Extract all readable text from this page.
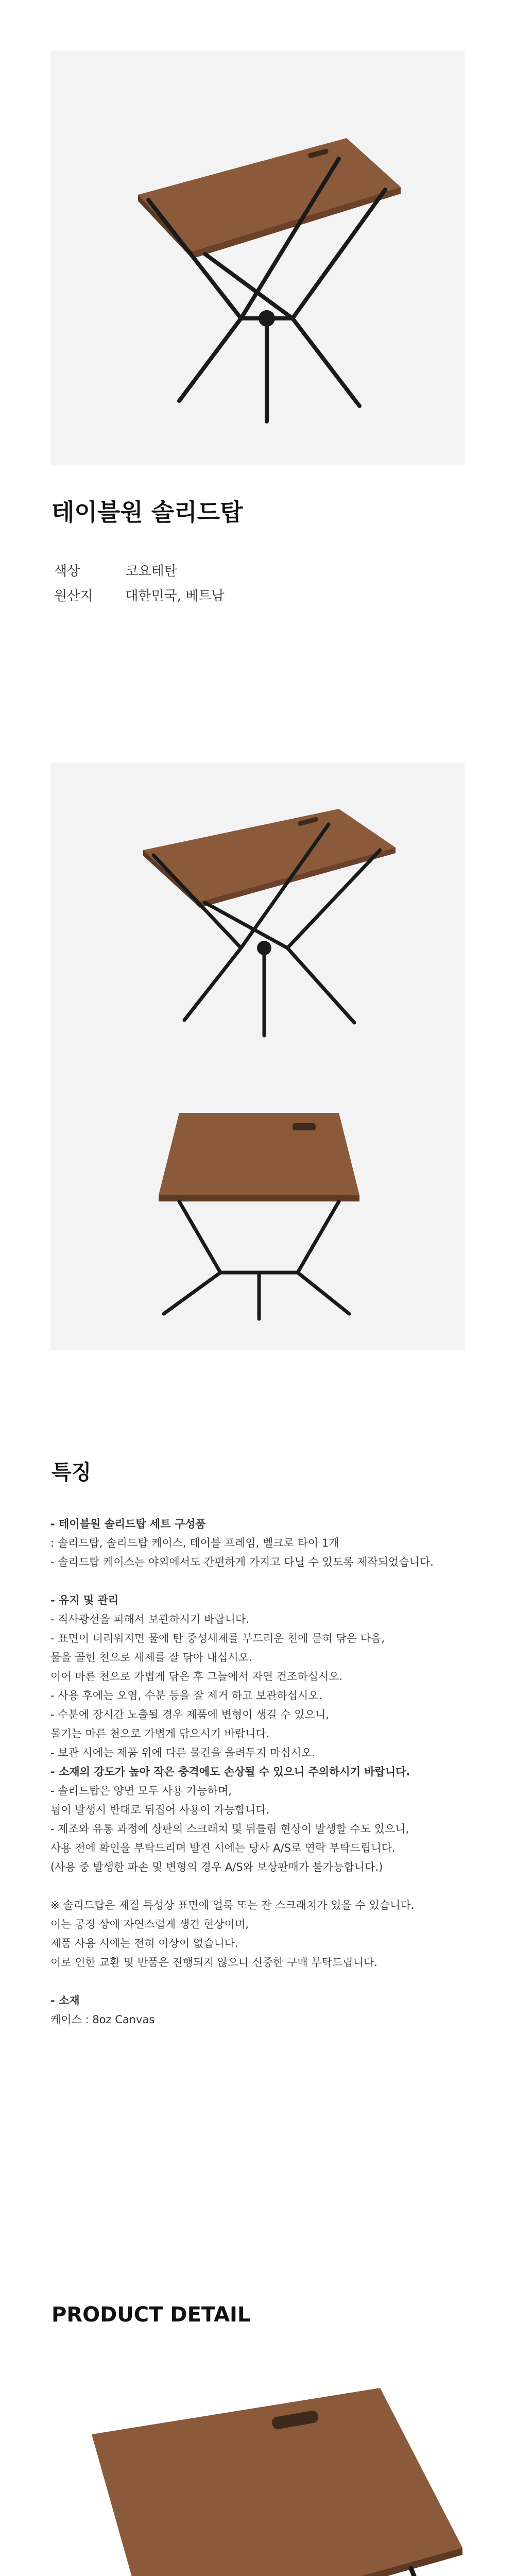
테이블원 솔리드탑
색상	코요테탄
원산지 대한민국, 베트남
특징
- 테이블원 솔리드탑 세트 구성품
: 솔리드탑, 솔리드탑 케이스, 테이블 프레임, 벨크로 타이 1개
- 솔리드탑 케이스는 야외에서도 간편하게 가지고 다닐 수 있도록 제작되었습니다.
- 유지 및 관리
- 직사광선을 피해서 보관하시기 바랍니다.
- 표면이 더러워지면 물에 탄 중성세제를 부드러운 천에 묻혀 닦은 다음,
물을 골힌 천으로 세제를 잘 닦아 내십시오.
이어 마른 천으로 가볍게 닦은 후 그늘에서 자연 건조하십시오.
- 사용 후에는 오염, 수분 등을 잘 제거 하고 보관하십시오.
- 수분에 장시간 노출될 경우 제품에 변형이 생길 수 있으니,
물기는 마른 천으로 가볍게 닦으시기 바랍니다.
- 보관 시에는 제품 위에 다른 물건을 올려두지 마십시오.
- 소재의 강도가 높아 작은 충격에도 손상될 수 있으니 주의하시기 바랍니다.
- 솔리드탑은 양면 모두 사용 가능하며,
휨이 발생시 반대로 뒤집어 사용이 가능합니다.
- 제조와 유통 과정에 상판의 스크래치 및 뒤틀림 현상이 발생할 수도 있으니,
사용 전에 확인을 부탁드리며 발견 시에는 당사 A/S로 연락 부탁드립니다.
(사용 중 발생한 파손 및 변형의 경우 A/S와 보상판매가 불가능합니다.)
※ 솔리드탑은 제질 특성상 표면에 얼룩 또는 잔 스크래치가 있을 수 있습니다.
이는 공정 상에 자연스럽게 생긴 현상이며,
제품 사용 시에는 전혀 이상이 없습니다.
이로 인한 교환 및 반품은 진행되지 않으니 신중한 구매 부탁드립니다.
- 소재
케이스 : 8oz Canvas
PRODUCT DETAIL
